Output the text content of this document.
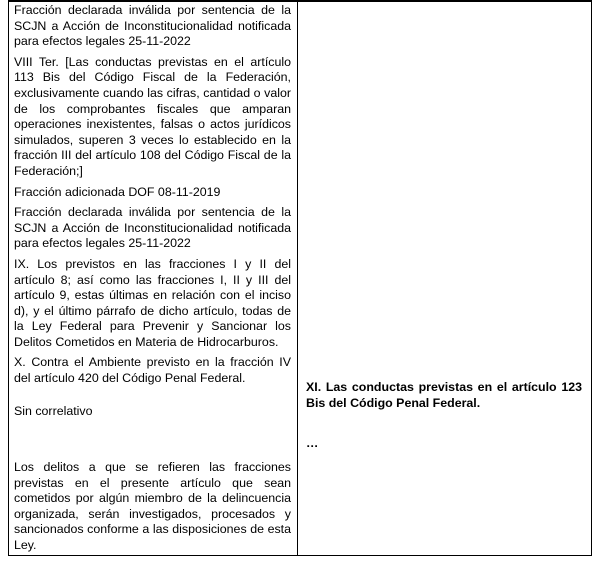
Fracción declarada inválida por sentencia de la SCJN a Acción de Inconstitucionalidad notificada para efectos legales 25-11-2022

VIII Ter. [Las conductas previstas en el artículo 113 Bis del Código Fiscal de la Federación, exclusivamente cuando las cifras, cantidad o valor de los comprobantes fiscales que amparan operaciones inexistentes, falsas o actos jurídicos simulados, superen 3 veces lo establecido en la fracción III del artículo 108 del Código Fiscal de la Federación;]

Fracción adicionada DOF 08-11-2019

Fracción declarada inválida por sentencia de la SCJN a Acción de Inconstitucionalidad notificada para efectos legales 25-11-2022

IX. Los previstos en las fracciones I y II del artículo 8; así como las fracciones I, II y III del artículo 9, estas últimas en relación con el inciso d), y el último párrafo de dicho artículo, todas de la Ley Federal para Prevenir y Sancionar los Delitos Cometidos en Materia de Hidrocarburos.

X. Contra el Ambiente previsto en la fracción IV del artículo 420 del Código Penal Federal.

Sin correlativo

Los delitos a que se refieren las fracciones previstas en el presente artículo que sean cometidos por algún miembro de la delincuencia organizada, serán investigados, procesados y sancionados conforme a las disposiciones de esta Ley.

XI. Las conductas previstas en el artículo 123 Bis del Código Penal Federal.

…
